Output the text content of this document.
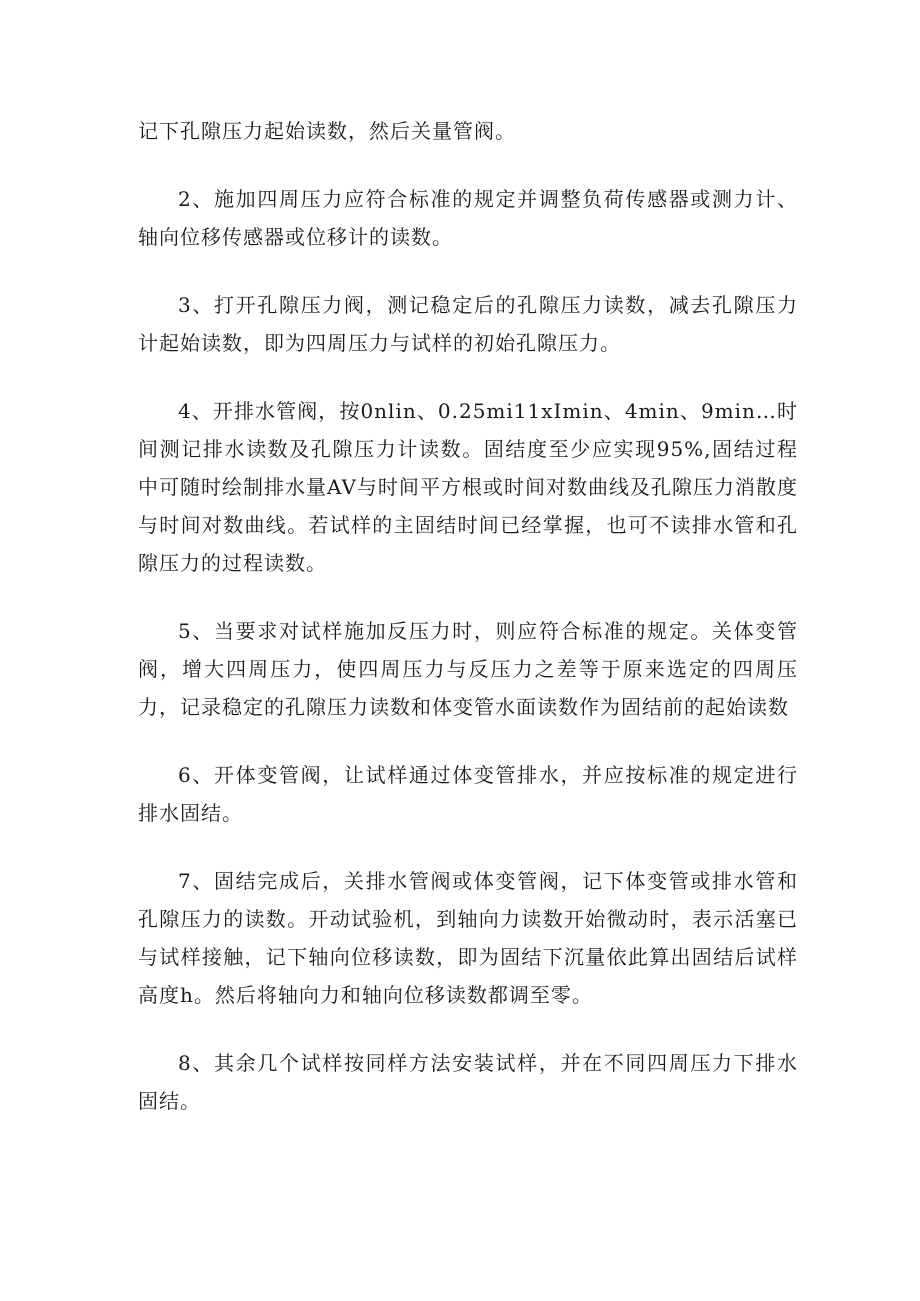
记下孔隙压力起始读数，然后关量管阀。

2、施加四周压力应符合标准的规定并调整负荷传感器或测力计、轴向位移传感器或位移计的读数。

3、打开孔隙压力阀，测记稳定后的孔隙压力读数，减去孔隙压力计起始读数，即为四周压力与试样的初始孔隙压力。

4、开排水管阀，按0nlin、0.25mi11xImin、4min、9min…时间测记排水读数及孔隙压力计读数。固结度至少应实现95%,固结过程中可随时绘制排水量AV与时间平方根或时间对数曲线及孔隙压力消散度与时间对数曲线。若试样的主固结时间已经掌握，也可不读排水管和孔隙压力的过程读数。

5、当要求对试样施加反压力时，则应符合标准的规定。关体变管阀，增大四周压力，使四周压力与反压力之差等于原来选定的四周压力，记录稳定的孔隙压力读数和体变管水面读数作为固结前的起始读数

6、开体变管阀，让试样通过体变管排水，并应按标准的规定进行排水固结。

7、固结完成后，关排水管阀或体变管阀，记下体变管或排水管和孔隙压力的读数。开动试验机，到轴向力读数开始微动时，表示活塞已与试样接触，记下轴向位移读数，即为固结下沉量依此算出固结后试样高度h。然后将轴向力和轴向位移读数都调至零。

8、其余几个试样按同样方法安装试样，并在不同四周压力下排水固结。
